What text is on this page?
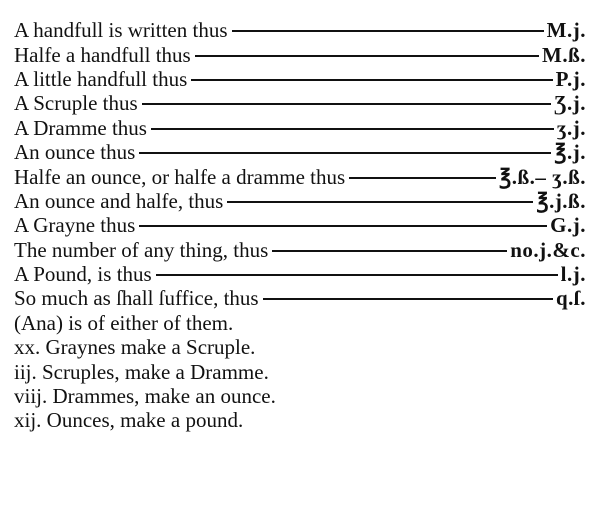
A handfull is written thus	M.j.
Halfe a handfull thus	M.ß.
A little handfull thus	P.j.
A Scruple thus	Ʒ.j.
A Dramme thus	ʒ.j.
An ounce thus	℥.j.
Halfe an ounce, or halfe a dramme thus	℥.ß.– ʒ.ß.
An ounce and halfe, thus	℥.j.ß.
A Grayne thus	G.j.
The number of any thing, thus	no.j.&c.
A Pound, is thus	l.j.
So much as ſhall ſuffice, thus	q.ſ.
(Ana) is of either of them.
xx. Graynes make a Scruple.
iij. Scruples, make a Dramme.
viij. Drammes, make an ounce.
xij. Ounces, make a pound.
